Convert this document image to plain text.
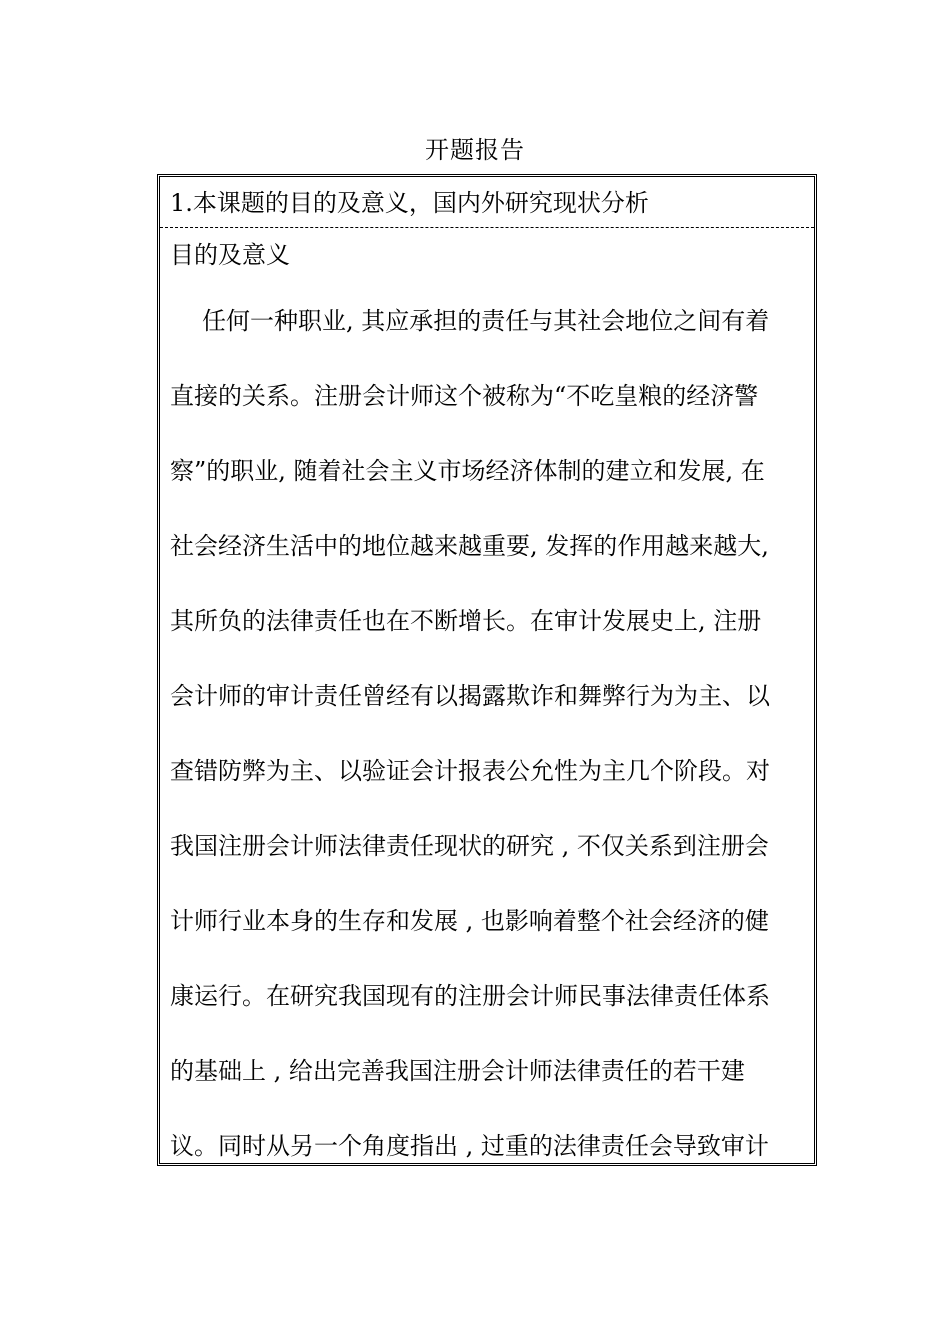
开题报告
1.本课题的目的及意义，国内外研究现状分析
目的及意义
　任何一种职业, 其应承担的责任与其社会地位之间有着
直接的关系。注册会计师这个被称为“不吃皇粮的经济警
察”的职业, 随着社会主义市场经济体制的建立和发展, 在
社会经济生活中的地位越来越重要, 发挥的作用越来越大,
其所负的法律责任也在不断增长。在审计发展史上, 注册
会计师的审计责任曾经有以揭露欺诈和舞弊行为为主、以
查错防弊为主、以验证会计报表公允性为主几个阶段。对
我国注册会计师法律责任现状的研究 , 不仅关系到注册会
计师行业本身的生存和发展 , 也影响着整个社会经济的健
康运行。在研究我国现有的注册会计师民事法律责任体系
的基础上 , 给出完善我国注册会计师法律责任的若干建
议。同时从另一个角度指出 , 过重的法律责任会导致审计
